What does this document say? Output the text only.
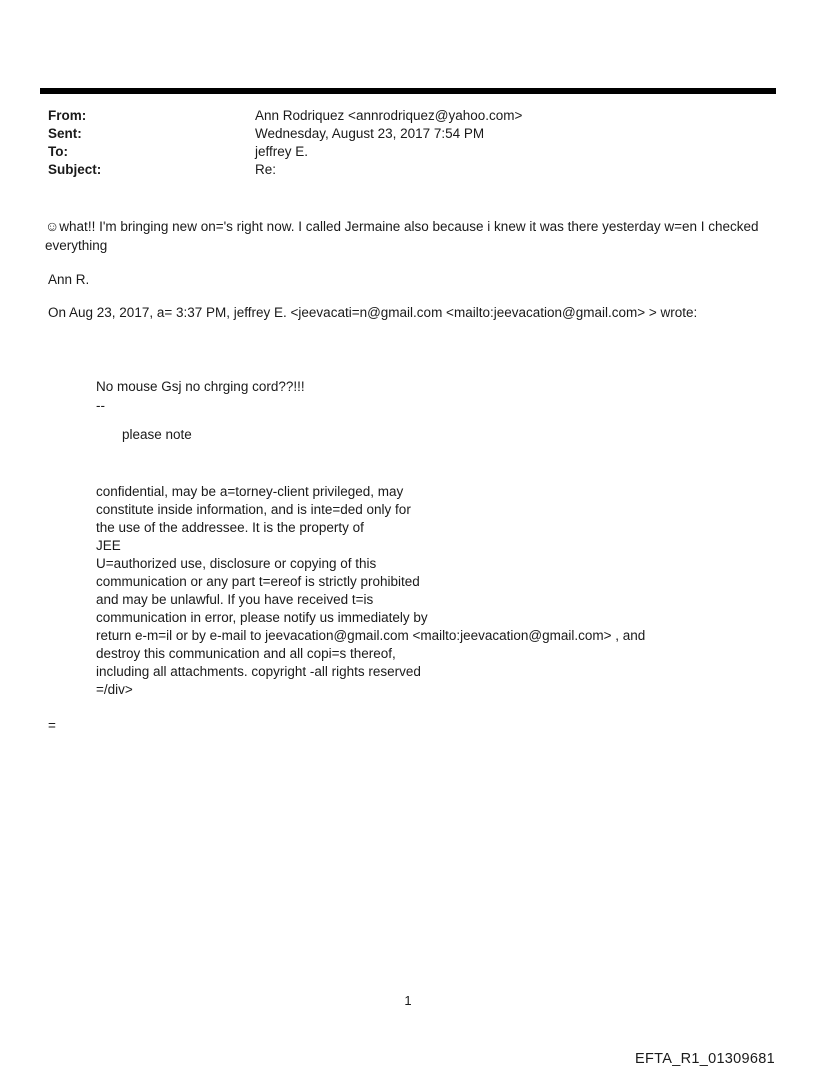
From:	Ann Rodriquez <annrodriquez@yahoo.com>
Sent:	Wednesday, August 23, 2017 7:54 PM
To:	jeffrey E.
Subject:	Re:
☺what!! I'm bringing new on='s right now. I called Jermaine also because i knew it was there yesterday w=en I checked everything
Ann R.
On Aug 23, 2017, a= 3:37 PM, jeffrey E. <jeevacati=n@gmail.com <mailto:jeevacation@gmail.com> > wrote:
No mouse Gsj no chrging cord??!!!
--
please note
confidential, may be a=torney-client privileged, may
constitute inside information, and is inte=ded only for
the use of the addressee. It is the property of
JEE
U=authorized use, disclosure or copying of this
communication or any part t=ereof is strictly prohibited
and may be unlawful. If you have received t=is
communication in error, please notify us immediately by
return e-m=il or by e-mail to jeevacation@gmail.com <mailto:jeevacation@gmail.com> , and
destroy this communication and all copi=s thereof,
including all attachments. copyright -all rights reserved
=/div>
=
1
EFTA_R1_01309681
